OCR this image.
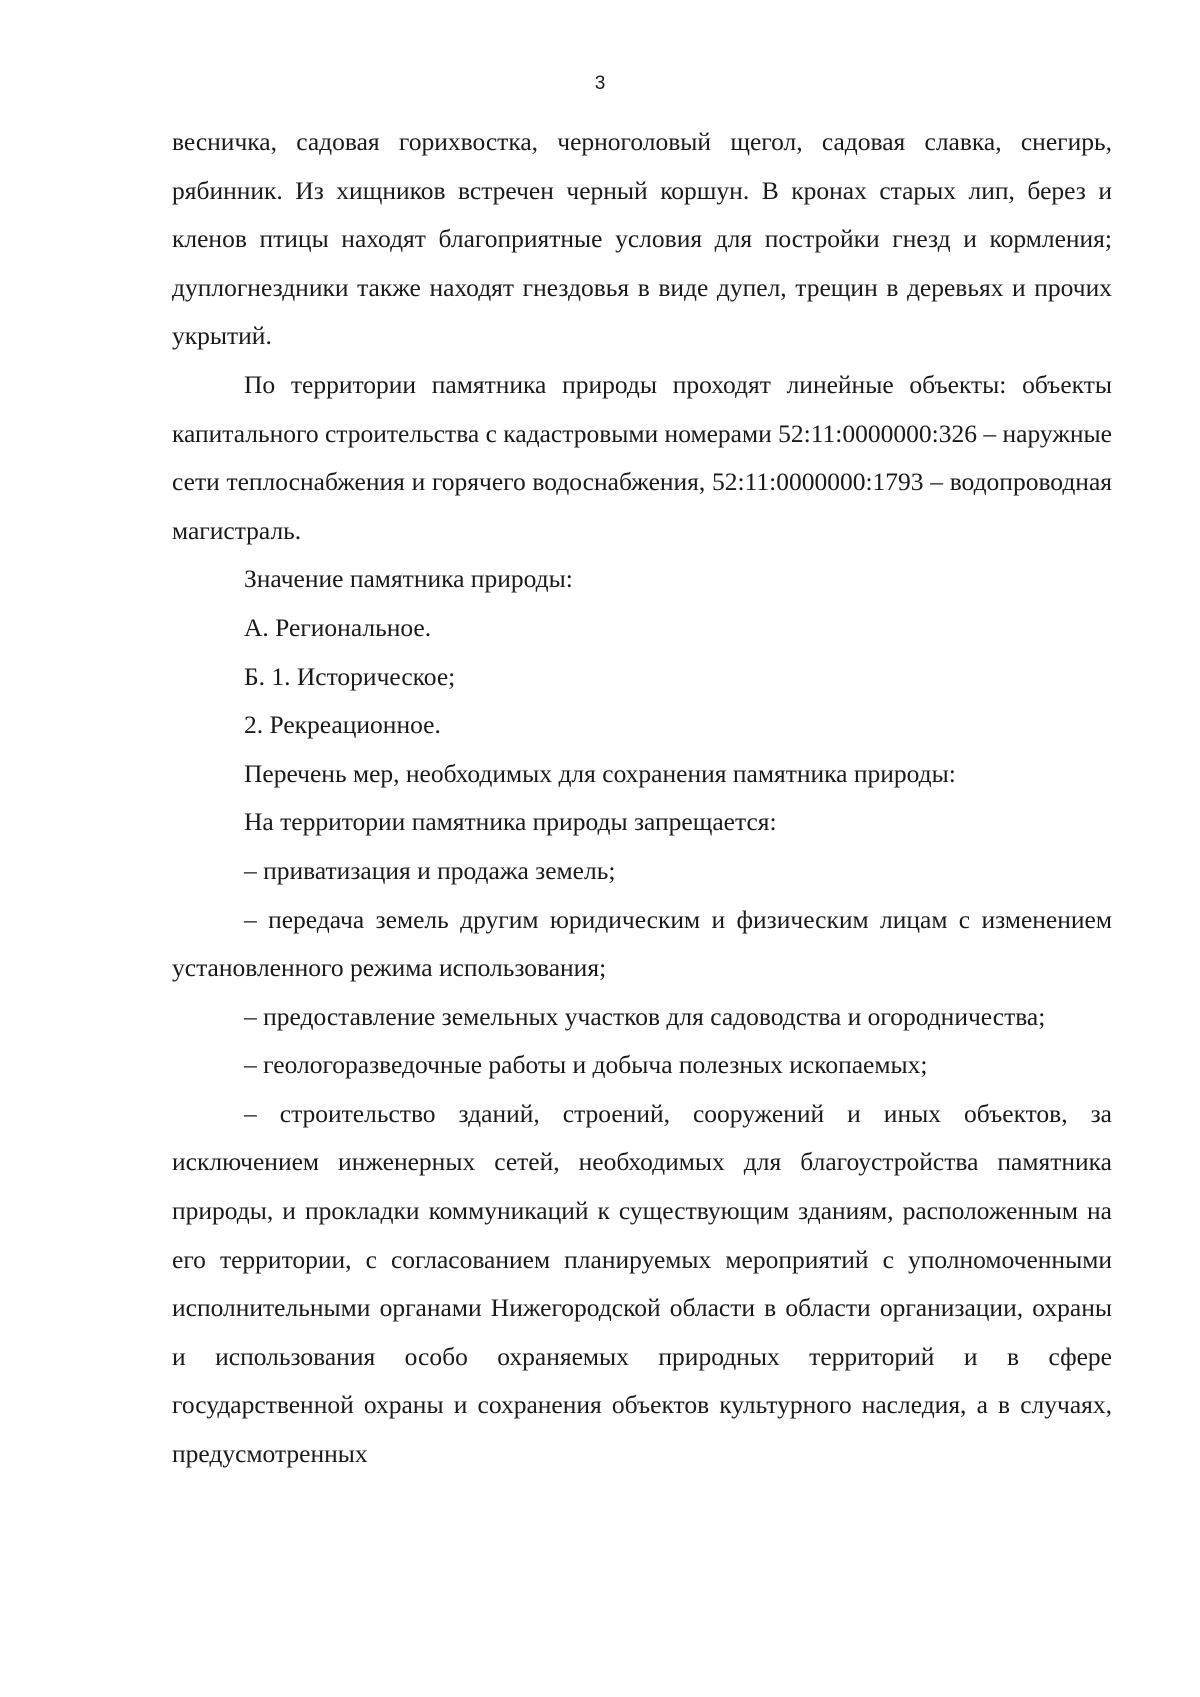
3

весничка, садовая горихвостка, черноголовый щегол, садовая славка, снегирь, рябинник. Из хищников встречен черный коршун. В кронах старых лип, берез и кленов птицы находят благоприятные условия для постройки гнезд и кормления; дуплогнездники также находят гнездовья в виде дупел, трещин в деревьях и прочих укрытий.

По территории памятника природы проходят линейные объекты: объекты капитального строительства с кадастровыми номерами 52:11:0000000:326 – наружные сети теплоснабжения и горячего водоснабжения, 52:11:0000000:1793 – водопроводная магистраль.

Значение памятника природы:

А. Региональное.

Б. 1. Историческое;

2. Рекреационное.

Перечень мер, необходимых для сохранения памятника природы:

На территории памятника природы запрещается:

– приватизация и продажа земель;

– передача земель другим юридическим и физическим лицам с изменением установленного режима использования;

– предоставление земельных участков для садоводства и огородничества;

– геологоразведочные работы и добыча полезных ископаемых;

– строительство зданий, строений, сооружений и иных объектов, за исключением инженерных сетей, необходимых для благоустройства памятника природы, и прокладки коммуникаций к существующим зданиям, расположенным на его территории, с согласованием планируемых мероприятий с уполномоченными исполнительными органами Нижегородской области в области организации, охраны и использования особо охраняемых природных территорий и в сфере государственной охраны и сохранения объектов культурного наследия, а в случаях, предусмотренных
